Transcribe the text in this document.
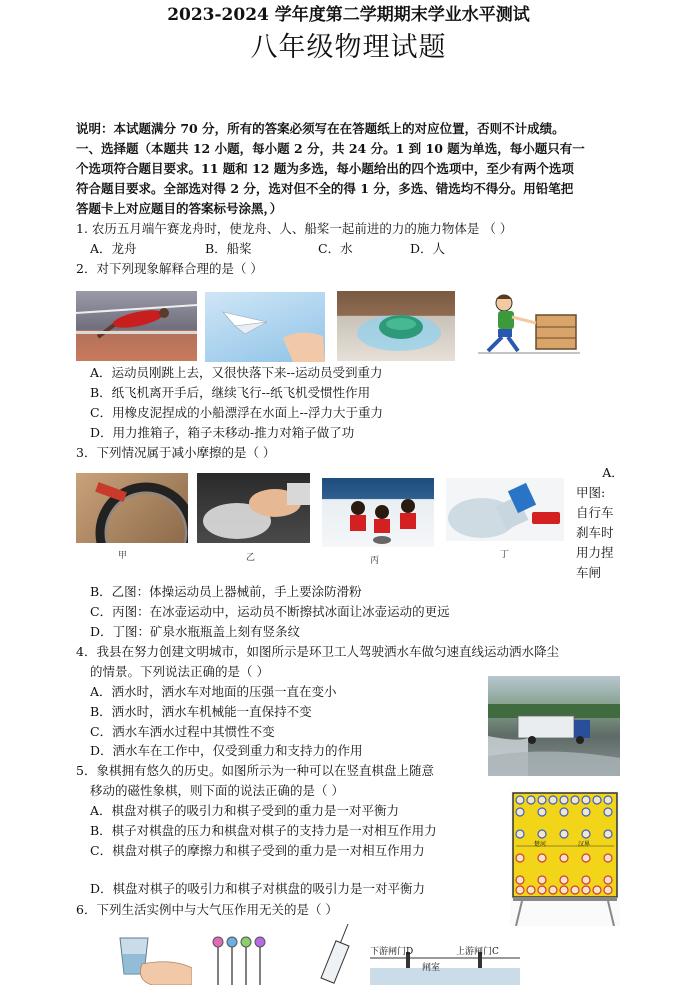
2023-2024 学年度第二学期期末学业水平测试
八年级物理试题
说明：本试题满分 70 分，所有的答案必须写在在答题纸上的对应位置，否则不计成绩。
一、选择题（本题共 12 小题，每小题 2 分，共 24 分。1 到 10 题为单选，每小题只有一
个选项符合题目要求。11 题和 12 题为多选，每小题给出的四个选项中，至少有两个选项
符合题目要求。全部选对得 2 分，选对但不全的得 1 分，多选、错选均不得分。用铅笔把
答题卡上对应题目的答案标号涂黑，）
1. 农历五月端午赛龙舟时，使龙舟、人、船桨一起前进的力的施力物体是 （ ）
A．龙舟	B．船桨	C．水	D．人
2．对下列现象解释合理的是（ ）
A．运动员刚跳上去，又很快落下来--运动员受到重力
B．纸飞机离开手后，继续飞行--纸飞机受惯性作用
C．用橡皮泥捏成的小船漂浮在水面上--浮力大于重力
D．用力推箱子，箱子未移动-推力对箱子做了功
3．下列情况属于减小摩擦的是（ ）
甲	乙	丙
丁
A．
甲图:
自行车
刹车时
用力捏
车闸
B．乙图：体操运动员上器械前，手上要涂防滑粉
C．丙图：在冰壶运动中，运动员不断擦拭冰面让冰壶运动的更远
D．丁图：矿泉水瓶瓶盖上刻有竖条纹
4．我县在努力创建文明城市，如图所示是环卫工人驾驶洒水车做匀速直线运动洒水降尘
的情景。下列说法正确的是（ ）
A．洒水时，洒水车对地面的压强一直在变小
B．洒水时，洒水车机械能一直保持不变
C．洒水车洒水过程中其惯性不变
D．洒水车在工作中，仅受到重力和支持力的作用
5．象棋拥有悠久的历史。如图所示为一种可以在竖直棋盘上随意
移动的磁性象棋，则下面的说法正确的是（ ）
A．棋盘对棋子的吸引力和棋子受到的重力是一对平衡力
B．棋子对棋盘的压力和棋盘对棋子的支持力是一对相互作用力
C．棋盘对棋子的摩擦力和棋子受到的重力是一对相互作用力
D．棋盘对棋子的吸引力和棋子对棋盘的吸引力是一对平衡力
楚河	汉界
6．下列生活实例中与大气压作用无关的是（ ）
下游闸门D
闸室
上游闸门C
